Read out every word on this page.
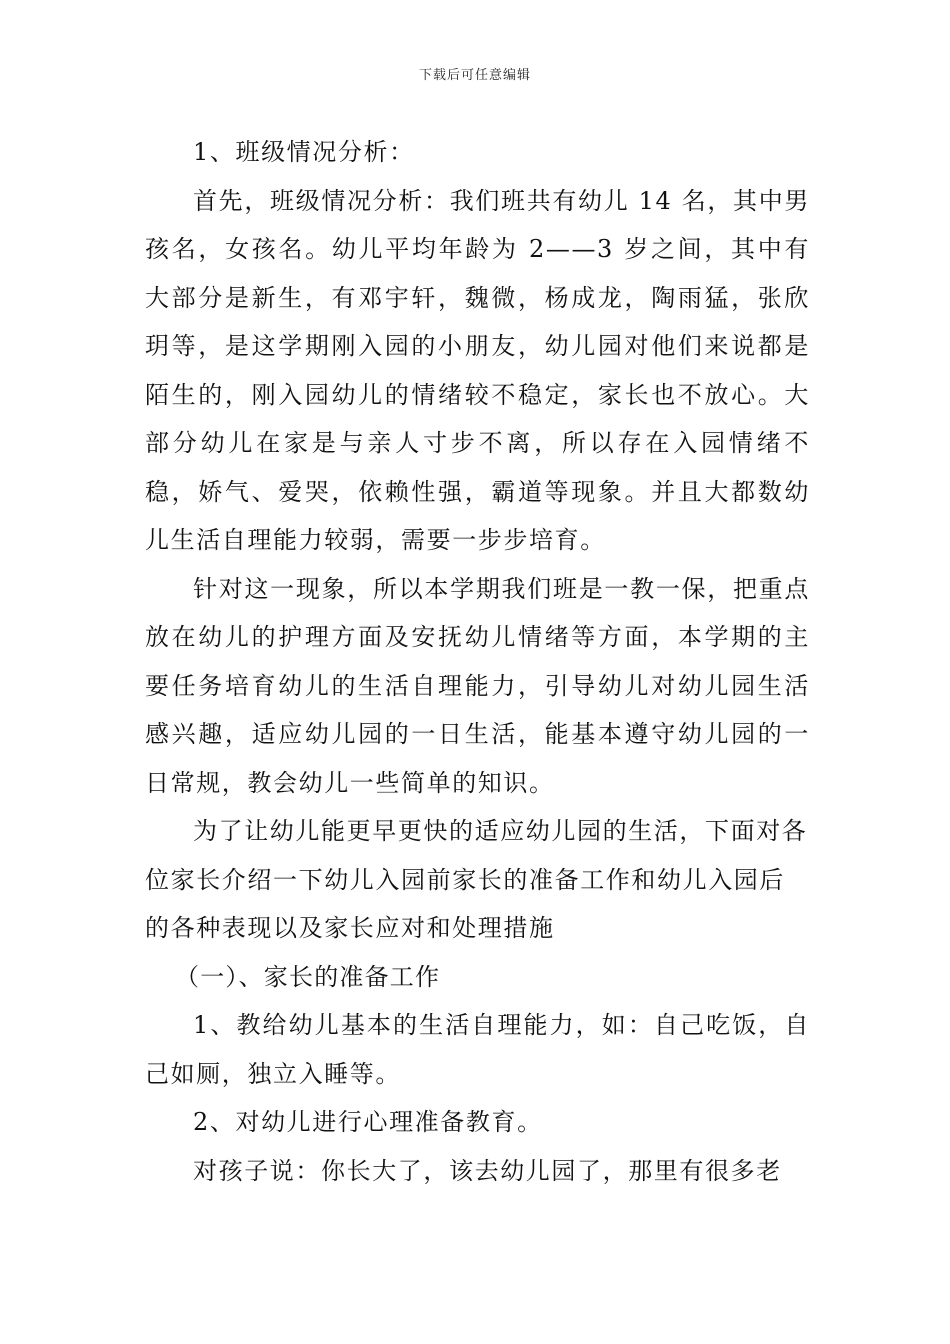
下载后可任意编辑

1、班级情况分析：

首先，班级情况分析：我们班共有幼儿 14 名，其中男孩名，女孩名。幼儿平均年龄为 2——3 岁之间，其中有大部分是新生，有邓宇轩，魏微，杨成龙，陶雨猛，张欣玥等，是这学期刚入园的小朋友，幼儿园对他们来说都是陌生的，刚入园幼儿的情绪较不稳定，家长也不放心。大部分幼儿在家是与亲人寸步不离，所以存在入园情绪不稳，娇气、爱哭，依赖性强，霸道等现象。并且大都数幼儿生活自理能力较弱，需要一步步培育。

针对这一现象，所以本学期我们班是一教一保，把重点放在幼儿的护理方面及安抚幼儿情绪等方面，本学期的主要任务培育幼儿的生活自理能力，引导幼儿对幼儿园生活感兴趣，适应幼儿园的一日生活，能基本遵守幼儿园的一日常规，教会幼儿一些简单的知识。

为了让幼儿能更早更快的适应幼儿园的生活，下面对各位家长介绍一下幼儿入园前家长的准备工作和幼儿入园后的各种表现以及家长应对和处理措施

（一）、家长的准备工作

1、教给幼儿基本的生活自理能力，如：自己吃饭，自己如厕，独立入睡等。

2、对幼儿进行心理准备教育。

对孩子说：你长大了，该去幼儿园了，那里有很多老
